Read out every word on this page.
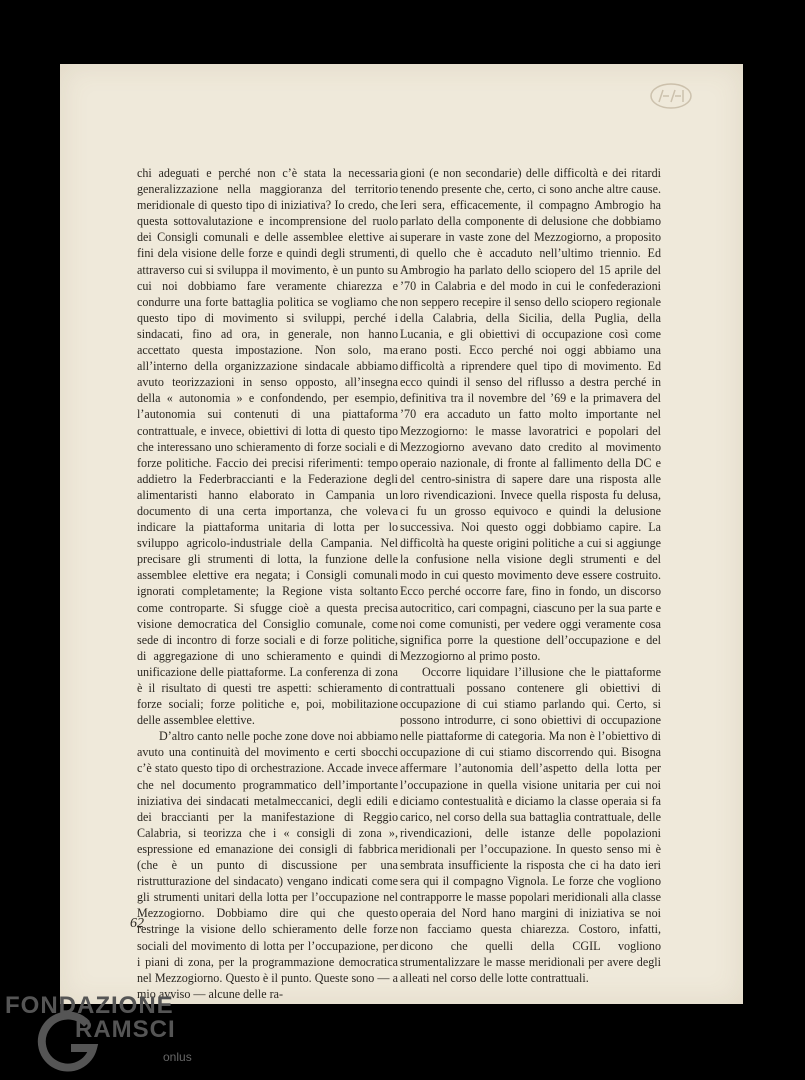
chi adeguati e perché non c’è stata la necessaria generalizzazione nella maggioranza del territorio meridionale di questo tipo di iniziativa? Io credo, che questa sottovalutazione e incomprensione del ruolo dei Consigli comunali e delle assemblee elettive ai fini dela visione delle forze e quindi degli strumenti, attraverso cui si sviluppa il movimento, è un punto su cui noi dobbiamo fare veramente chiarezza e condurre una forte battaglia politica se vogliamo che questo tipo di movimento si sviluppi, perché i sindacati, fino ad ora, in generale, non hanno accettato questa impostazione. Non solo, ma all’interno della organizzazione sindacale abbiamo avuto teorizzazioni in senso opposto, all’insegna della « autonomia » e confondendo, per esempio, l’autonomia sui contenuti di una piattaforma contrattuale, e invece, obiettivi di lotta di questo tipo che interessano uno schieramento di forze sociali e di forze politiche. Faccio dei precisi riferimenti: tempo addietro la Federbraccianti e la Federazione degli alimentaristi hanno elaborato in Campania un documento di una certa importanza, che voleva indicare la piattaforma unitaria di lotta per lo sviluppo agricolo-industriale della Campania. Nel precisare gli strumenti di lotta, la funzione delle assemblee elettive era negata; i Consigli comunali ignorati completamente; la Regione vista soltanto come controparte. Si sfugge cioè a questa precisa visione democratica del Consiglio comunale, come sede di incontro di forze sociali e di forze politiche, di aggregazione di uno schieramento e quindi di unificazione delle piattaforme. La conferenza di zona è il risultato di questi tre aspetti: schieramento di forze sociali; forze politiche e, poi, mobilitazione delle assemblee elettive.

D’altro canto nelle poche zone dove noi abbiamo avuto una continuità del movimento e certi sbocchi c’è stato questo tipo di orchestrazione. Accade invece che nel documento programmatico dell’importante iniziativa dei sindacati metalmeccanici, degli edili e dei braccianti per la manifestazione di Reggio Calabria, si teorizza che i « consigli di zona », espressione ed emanazione dei consigli di fabbrica (che è un punto di discussione per una ristrutturazione del sindacato) vengano indicati come gli strumenti unitari della lotta per l’occupazione nel Mezzogiorno. Dobbiamo dire qui che questo restringe la visione dello schieramento delle forze sociali del movimento di lotta per l’occupazione, per i piani di zona, per la programmazione democratica nel Mezzogiorno. Questo è il punto. Queste sono — a mio avviso — alcune delle ra-

gioni (e non secondarie) delle difficoltà e dei ritardi tenendo presente che, certo, ci sono anche altre cause. Ieri sera, efficacemente, il compagno Ambrogio ha parlato della componente di delusione che dobbiamo superare in vaste zone del Mezzogiorno, a proposito di quello che è accaduto nell’ultimo triennio. Ed Ambrogio ha parlato dello sciopero del 15 aprile del ’70 in Calabria e del modo in cui le confederazioni non seppero recepire il senso dello sciopero regionale della Calabria, della Sicilia, della Puglia, della Lucania, e gli obiettivi di occupazione così come erano posti. Ecco perché noi oggi abbiamo una difficoltà a riprendere quel tipo di movimento. Ed ecco quindi il senso del riflusso a destra perché in definitiva tra il novembre del ’69 e la primavera del ’70 era accaduto un fatto molto importante nel Mezzogiorno: le masse lavoratrici e popolari del Mezzogiorno avevano dato credito al movimento operaio nazionale, di fronte al fallimento della DC e del centro-sinistra di sapere dare una risposta alle loro rivendicazioni. Invece quella risposta fu delusa, ci fu un grosso equivoco e quindi la delusione successiva. Noi questo oggi dobbiamo capire. La difficoltà ha queste origini politiche a cui si aggiunge la confusione nella visione degli strumenti e del modo in cui questo movimento deve essere costruito. Ecco perché occorre fare, fino in fondo, un discorso autocritico, cari compagni, ciascuno per la sua parte e noi come comunisti, per vedere oggi veramente cosa significa porre la questione dell’occupazione e del Mezzogiorno al primo posto.

Occorre liquidare l’illusione che le piattaforme contrattuali possano contenere gli obiettivi di occupazione di cui stiamo parlando qui. Certo, si possono introdurre, ci sono obiettivi di occupazione nelle piattaforme di categoria. Ma non è l’obiettivo di occupazione di cui stiamo discorrendo qui. Bisogna affermare l’autonomia dell’aspetto della lotta per l’occupazione in quella visione unitaria per cui noi diciamo contestualità e diciamo la classe operaia si fa carico, nel corso della sua battaglia contrattuale, delle rivendicazioni, delle istanze delle popolazioni meridionali per l’occupazione. In questo senso mi è sembrata insufficiente la risposta che ci ha dato ieri sera qui il compagno Vignola. Le forze che vogliono contrapporre le masse popolari meridionali alla classe operaia del Nord hano margini di iniziativa se noi non facciamo questa chiarezza. Costoro, infatti, dicono che quelli della CGIL vogliono strumentalizzare le masse meridionali per avere degli alleati nel corso delle lotte contrattuali.

62
FONDAZIONE
RAMSCI
onlus
